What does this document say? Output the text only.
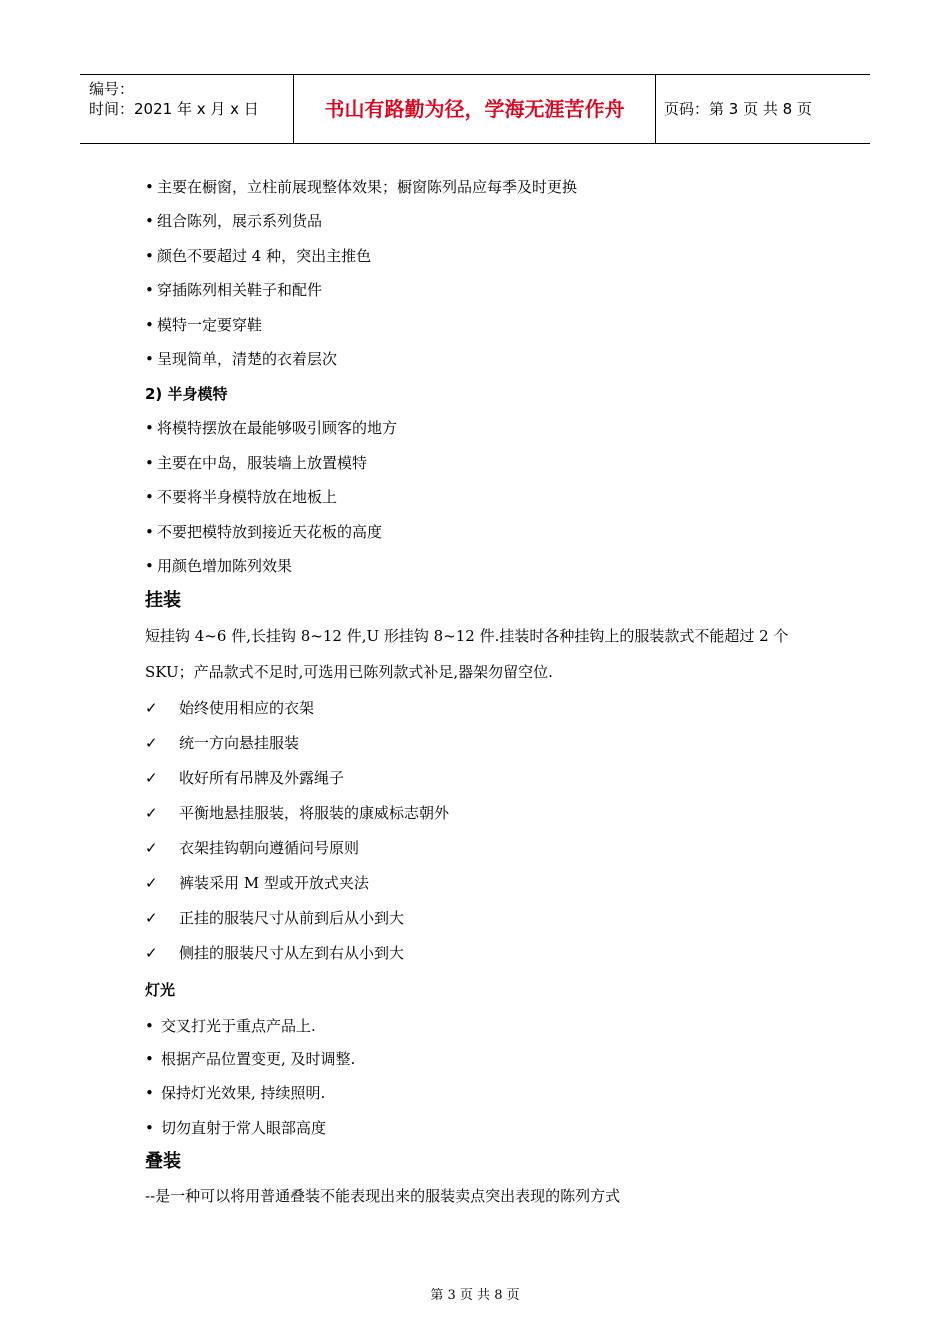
编号：
时间：2021 年 x 月 x 日	书山有路勤为径，学海无涯苦作舟	页码：第 3 页 共 8 页
• 主要在橱窗，立柱前展现整体效果；橱窗陈列品应每季及时更换
• 组合陈列，展示系列货品
• 颜色不要超过 4 种，突出主推色
• 穿插陈列相关鞋子和配件
• 模特一定要穿鞋
• 呈现简单，清楚的衣着层次
2) 半身模特
• 将模特摆放在最能够吸引顾客的地方
• 主要在中岛，服装墙上放置模特
• 不要将半身模特放在地板上
• 不要把模特放到接近天花板的高度
• 用颜色增加陈列效果
挂装
短挂钩 4~6 件,长挂钩 8~12 件,U 形挂钩 8~12 件.挂装时各种挂钩上的服装款式不能超过 2 个
SKU；产品款式不足时,可选用已陈列款式补足,器架勿留空位.
✓ 始终使用相应的衣架
✓ 统一方向悬挂服装
✓ 收好所有吊牌及外露绳子
✓ 平衡地悬挂服装，将服装的康威标志朝外
✓ 衣架挂钩朝向遵循问号原则
✓ 裤装采用 M 型或开放式夹法
✓ 正挂的服装尺寸从前到后从小到大
✓ 侧挂的服装尺寸从左到右从小到大
灯光
• 交叉打光于重点产品上.
• 根据产品位置变更, 及时调整.
• 保持灯光效果, 持续照明.
• 切勿直射于常人眼部高度
叠装
--是一种可以将用普通叠装不能表现出来的服装卖点突出表现的陈列方式
第 3 页 共 8 页
